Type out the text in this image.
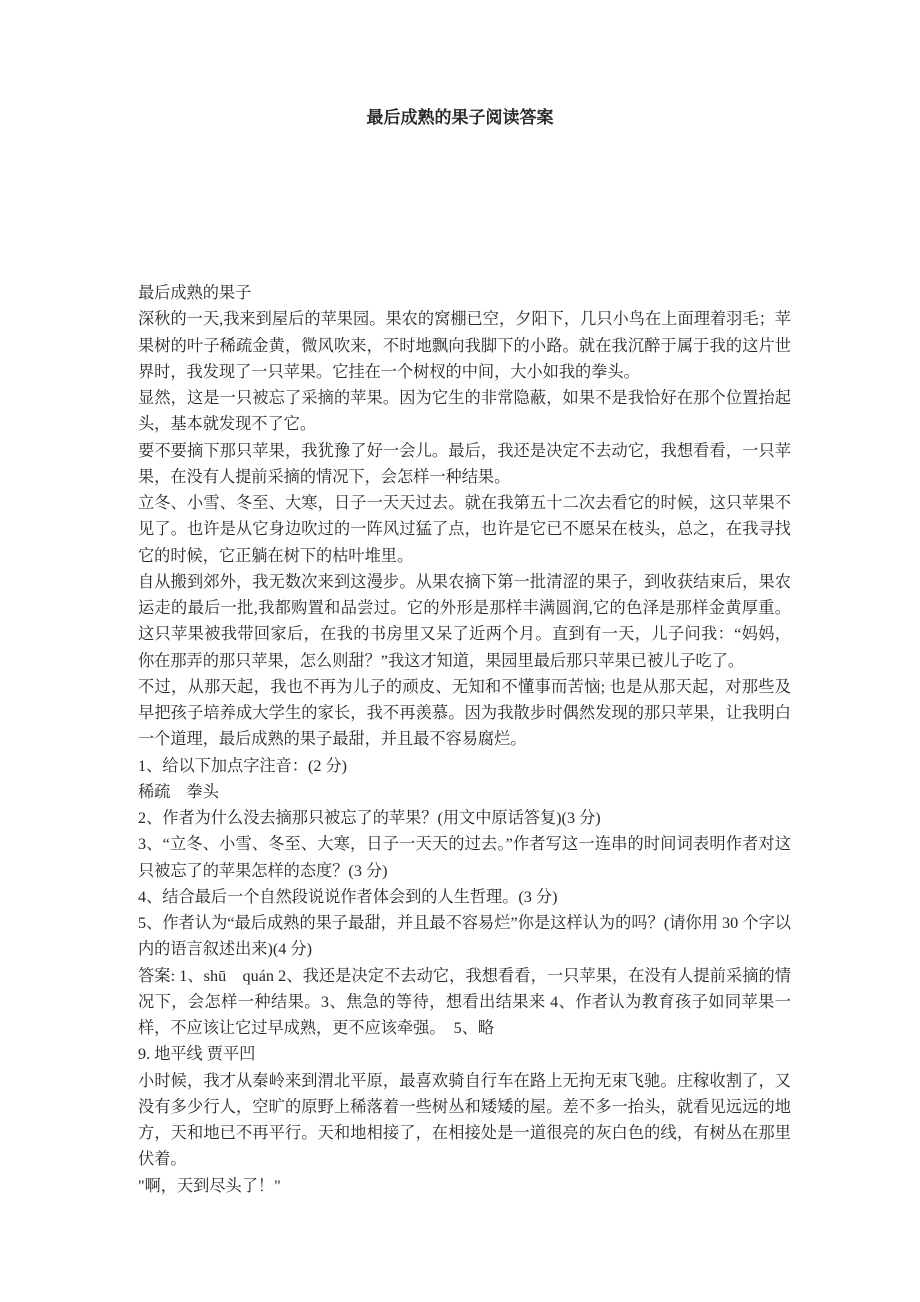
最后成熟的果子阅读答案

最后成熟的果子

深秋的一天,我来到屋后的苹果园。果农的窝棚已空，夕阳下，几只小鸟在上面理着羽毛；苹果树的叶子稀疏金黄，微风吹来，不时地飘向我脚下的小路。就在我沉醉于属于我的这片世界时，我发现了一只苹果。它挂在一个树杈的中间，大小如我的拳头。

显然，这是一只被忘了采摘的苹果。因为它生的非常隐蔽，如果不是我恰好在那个位置抬起头，基本就发现不了它。

要不要摘下那只苹果，我犹豫了好一会儿。最后，我还是决定不去动它，我想看看，一只苹果，在没有人提前采摘的情况下，会怎样一种结果。

立冬、小雪、冬至、大寒，日子一天天过去。就在我第五十二次去看它的时候，这只苹果不见了。也许是从它身边吹过的一阵风过猛了点，也许是它已不愿呆在枝头，总之，在我寻找它的时候，它正躺在树下的枯叶堆里。

自从搬到郊外，我无数次来到这漫步。从果农摘下第一批清涩的果子，到收获结束后，果农运走的最后一批,我都购置和品尝过。它的外形是那样丰满圆润,它的色泽是那样金黄厚重。这只苹果被我带回家后，在我的书房里又呆了近两个月。直到有一天，儿子问我：“妈妈，你在那弄的那只苹果，怎么则甜？”我这才知道，果园里最后那只苹果已被儿子吃了。

不过，从那天起，我也不再为儿子的顽皮、无知和不懂事而苦恼; 也是从那天起，对那些及早把孩子培养成大学生的家长，我不再羡慕。因为我散步时偶然发现的那只苹果，让我明白一个道理，最后成熟的果子最甜，并且最不容易腐烂。

1、给以下加点字注音：(2 分)

稀疏　拳头

2、作者为什么没去摘那只被忘了的苹果？(用文中原话答复)(3 分)

3、“立冬、小雪、冬至、大寒，日子一天天的过去。”作者写这一连串的时间词表明作者对这只被忘了的苹果怎样的态度？(3 分)

4、结合最后一个自然段说说作者体会到的人生哲理。(3 分)

5、作者认为“最后成熟的果子最甜，并且最不容易烂”你是这样认为的吗？(请你用 30 个字以内的语言叙述出来)(4 分)

答案: 1、shū　quán 2、我还是决定不去动它，我想看看，一只苹果，在没有人提前采摘的情况下，会怎样一种结果。3、焦急的等待，想看出结果来 4、作者认为教育孩子如同苹果一样，不应该让它过早成熟，更不应该牵强。　5、略

9. 地平线 贾平凹

小时候，我才从秦岭来到渭北平原，最喜欢骑自行车在路上无拘无束飞驰。庄稼收割了，又没有多少行人，空旷的原野上稀落着一些树丛和矮矮的屋。差不多一抬头，就看见远远的地方，天和地已不再平行。天和地相接了，在相接处是一道很亮的灰白色的线，有树丛在那里伏着。

"啊，天到尽头了！"
